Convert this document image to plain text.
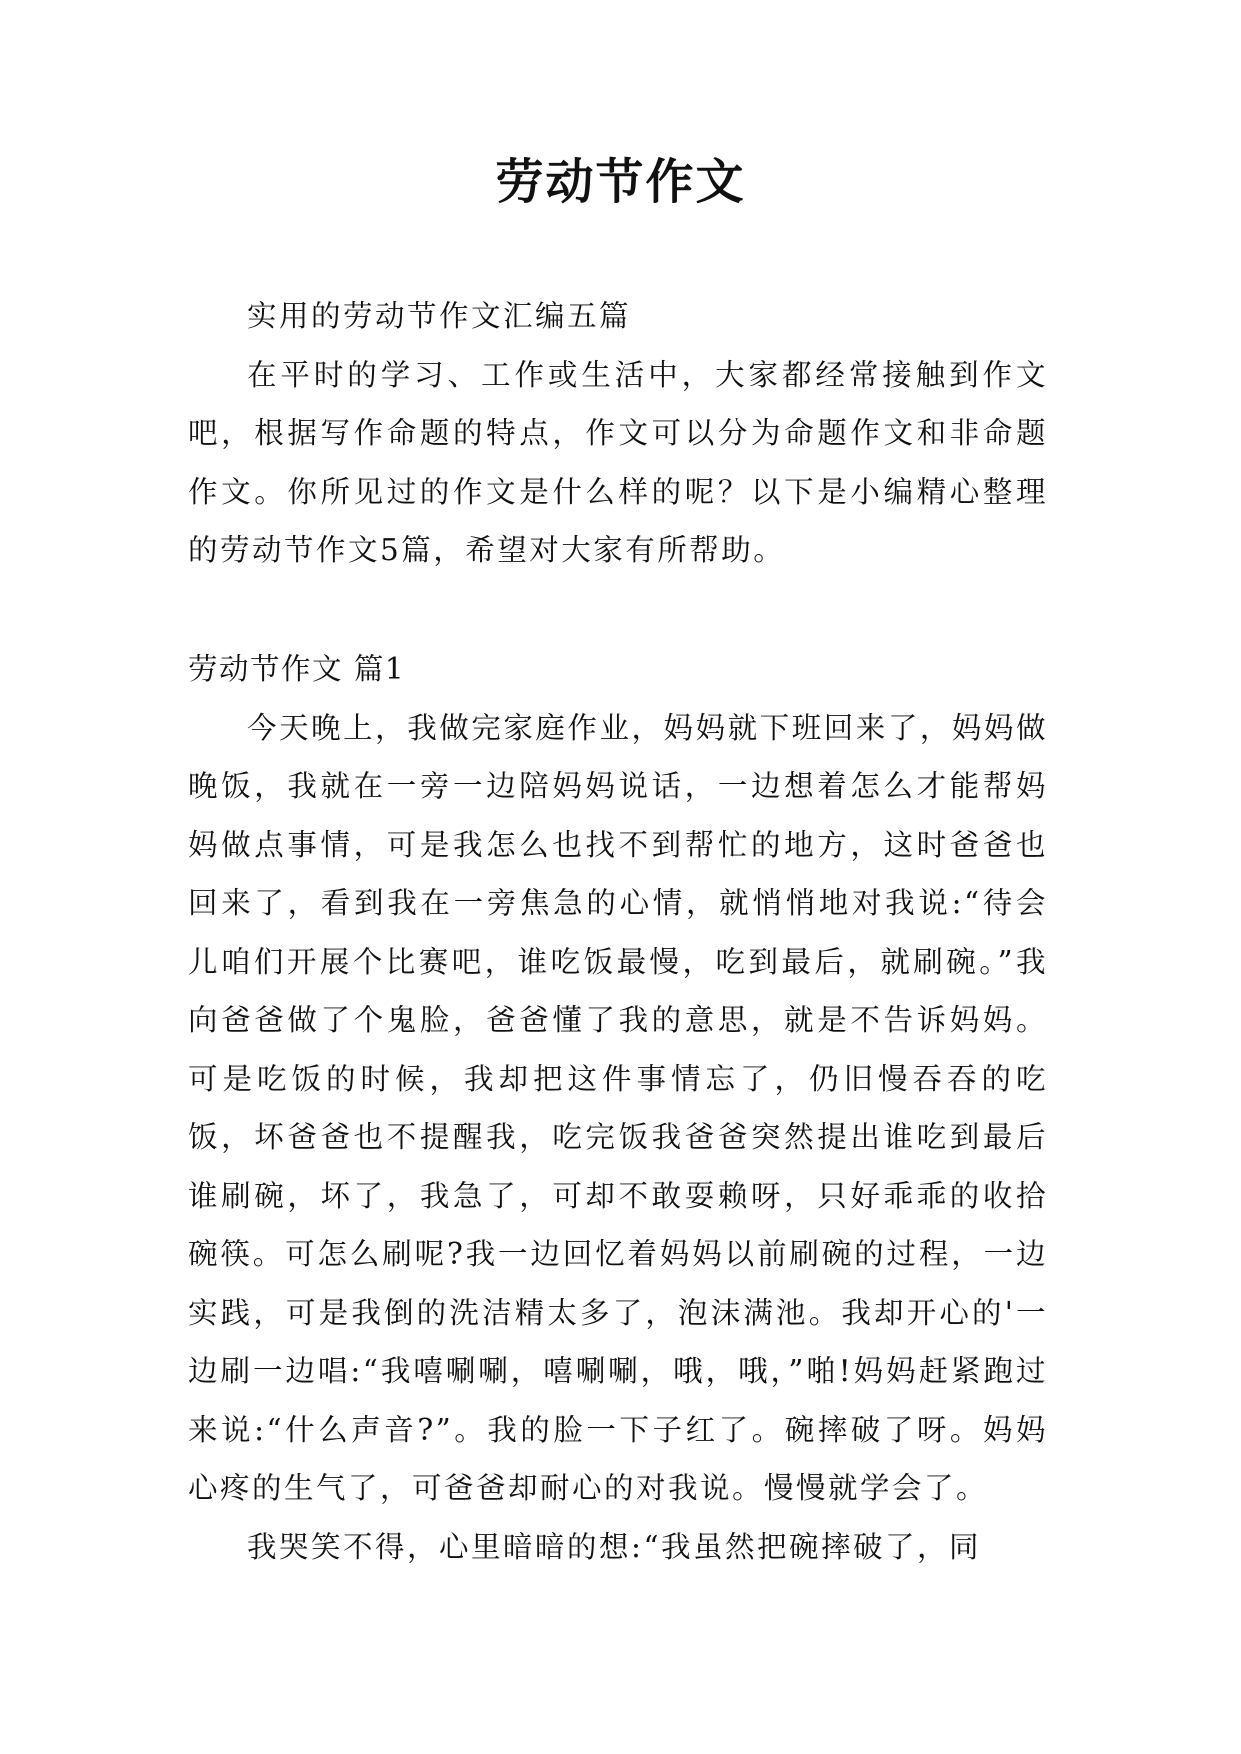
劳动节作文

实用的劳动节作文汇编五篇

在平时的学习、工作或生活中，大家都经常接触到作文吧，根据写作命题的特点，作文可以分为命题作文和非命题作文。你所见过的作文是什么样的呢？以下是小编精心整理的劳动节作文5篇，希望对大家有所帮助。

劳动节作文 篇1

今天晚上，我做完家庭作业，妈妈就下班回来了，妈妈做晚饭，我就在一旁一边陪妈妈说话，一边想着怎么才能帮妈妈做点事情，可是我怎么也找不到帮忙的地方，这时爸爸也回来了，看到我在一旁焦急的心情，就悄悄地对我说:“待会儿咱们开展个比赛吧，谁吃饭最慢，吃到最后，就刷碗。”我向爸爸做了个鬼脸，爸爸懂了我的意思，就是不告诉妈妈。可是吃饭的时候，我却把这件事情忘了，仍旧慢吞吞的吃饭，坏爸爸也不提醒我，吃完饭我爸爸突然提出谁吃到最后谁刷碗，坏了，我急了，可却不敢耍赖呀，只好乖乖的收拾碗筷。可怎么刷呢?我一边回忆着妈妈以前刷碗的过程，一边实践，可是我倒的洗洁精太多了，泡沫满池。我却开心的'一边刷一边唱:“我嘻唰唰，嘻唰唰，哦，哦，”啪!妈妈赶紧跑过来说:“什么声音?”。我的脸一下子红了。碗摔破了呀。妈妈心疼的生气了，可爸爸却耐心的对我说。慢慢就学会了。

我哭笑不得，心里暗暗的想:“我虽然把碗摔破了，同
